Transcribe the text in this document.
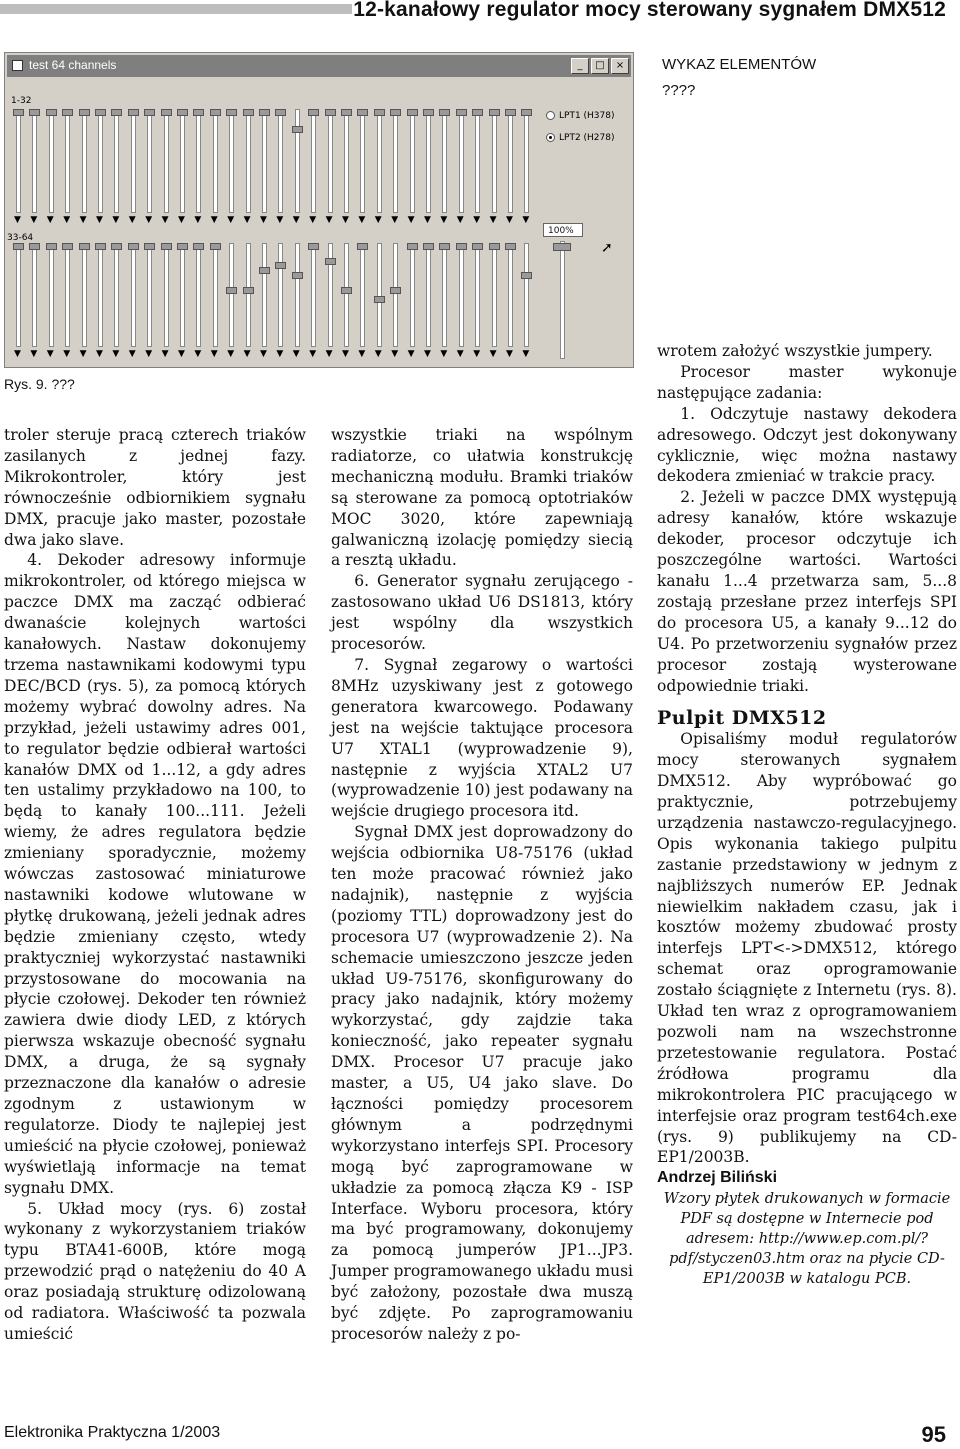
12-kanałowy regulator mocy sterowany sygnałem DMX512
test 64 channels	_	□	×
1-32
▼ ▼ ▼ ▼ ▼ ▼ ▼ ▼ ▼ ▼ ▼ ▼ ▼ ▼ ▼ ▼ ▼ ▼ ▼ ▼ ▼ ▼ ▼ ▼ ▼ ▼ ▼ ▼ ▼ ▼ ▼ ▼
33-64
▼ ▼ ▼ ▼ ▼ ▼ ▼ ▼ ▼ ▼ ▼ ▼ ▼ ▼ ▼ ▼ ▼ ▼ ▼ ▼ ▼ ▼ ▼ ▼ ▼ ▼ ▼ ▼ ▼ ▼ ▼ ▼
LPT1 (H378)
LPT2 (H278)
100%
➚
Rys. 9. ???
WYKAZ ELEMENTÓW
????

troler steruje pracą czterech triaków zasilanych z jednej fazy. Mikrokontroler, który jest równocześnie odbiornikiem sygnału DMX, pracuje jako master, pozostałe dwa jako slave.

4. Dekoder adresowy informuje mikrokontroler, od którego miejsca w paczce DMX ma zacząć odbierać dwanaście kolejnych wartości kanałowych. Nastaw dokonujemy trzema nastawnikami kodowymi typu DEC/BCD (rys. 5), za pomocą których możemy wybrać dowolny adres. Na przykład, jeżeli ustawimy adres 001, to regulator będzie odbierał wartości kanałów DMX od 1...12, a gdy adres ten ustalimy przykładowo na 100, to będą to kanały 100...111. Jeżeli wiemy, że adres regulatora będzie zmieniany sporadycznie, możemy wówczas zastosować miniaturowe nastawniki kodowe wlutowane w płytkę drukowaną, jeżeli jednak adres będzie zmieniany często, wtedy praktyczniej wykorzystać nastawniki przystosowane do mocowania na płycie czołowej. Dekoder ten również zawiera dwie diody LED, z których pierwsza wskazuje obecność sygnału DMX, a druga, że są sygnały przeznaczone dla kanałów o adresie zgodnym z ustawionym w regulatorze. Diody te najlepiej jest umieścić na płycie czołowej, ponieważ wyświetlają informacje na temat sygnału DMX.

5. Układ mocy (rys. 6) został wykonany z wykorzystaniem triaków typu BTA41-600B, które mogą przewodzić prąd o natężeniu do 40 A oraz posiadają strukturę odizolowaną od radiatora. Właściwość ta pozwala umieścić

wszystkie triaki na wspólnym radiatorze, co ułatwia konstrukcję mechaniczną modułu. Bramki triaków są sterowane za pomocą optotriaków MOC 3020, które zapewniają galwaniczną izolację pomiędzy siecią a resztą układu.

6. Generator sygnału zerującego - zastosowano układ U6 DS1813, który jest wspólny dla wszystkich procesorów.

7. Sygnał zegarowy o wartości 8MHz uzyskiwany jest z gotowego generatora kwarcowego. Podawany jest na wejście taktujące procesora U7 XTAL1 (wyprowadzenie 9), następnie z wyjścia XTAL2 U7 (wyprowadzenie 10) jest podawany na wejście drugiego procesora itd.

Sygnał DMX jest doprowadzony do wejścia odbiornika U8-75176 (układ ten może pracować również jako nadajnik), następnie z wyjścia (poziomy TTL) doprowadzony jest do procesora U7 (wyprowadzenie 2). Na schemacie umieszczono jeszcze jeden układ U9-75176, skonfigurowany do pracy jako nadajnik, który możemy wykorzystać, gdy zajdzie taka konieczność, jako repeater sygnału DMX. Procesor U7 pracuje jako master, a U5, U4 jako slave. Do łączności pomiędzy procesorem głównym a podrzędnymi wykorzystano interfejs SPI. Procesory mogą być zaprogramowane w układzie za pomocą złącza K9 - ISP Interface. Wyboru procesora, który ma być programowany, dokonujemy za pomocą jumperów JP1...JP3. Jumper programowanego układu musi być założony, pozostałe dwa muszą być zdjęte. Po zaprogramowaniu procesorów należy z po-

wrotem założyć wszystkie jumpery.

Procesor master wykonuje następujące zadania:

1. Odczytuje nastawy dekodera adresowego. Odczyt jest dokonywany cyklicznie, więc można nastawy dekodera zmieniać w trakcie pracy.

2. Jeżeli w paczce DMX występują adresy kanałów, które wskazuje dekoder, procesor odczytuje ich poszczególne wartości. Wartości kanału 1...4 przetwarza sam, 5...8 zostają przesłane przez interfejs SPI do procesora U5, a kanały 9...12 do U4. Po przetworzeniu sygnałów przez procesor zostają wysterowane odpowiednie triaki.

Pulpit DMX512

Opisaliśmy moduł regulatorów mocy sterowanych sygnałem DMX512. Aby wypróbować go praktycznie, potrzebujemy urządzenia nastawczo-regulacyjnego. Opis wykonania takiego pulpitu zastanie przedstawiony w jednym z najbliższych numerów EP. Jednak niewielkim nakładem czasu, jak i kosztów możemy zbudować prosty interfejs LPT<->DMX512, którego schemat oraz oprogramowanie zostało ściągnięte z Internetu (rys. 8). Układ ten wraz z oprogramowaniem pozwoli nam na wszechstronne przetestowanie regulatora. Postać źródłowa programu dla mikrokontrolera PIC pracującego w interfejsie oraz program test64ch.exe (rys. 9) publikujemy na CD-EP1/2003B.

Andrzej Biliński

Wzory płytek drukowanych w formacie PDF są dostępne w Internecie pod adresem: http://www.ep.com.pl/?pdf/styczen03.htm oraz na płycie CD-EP1/2003B w katalogu PCB.

Elektronika Praktyczna 1/2003	95
